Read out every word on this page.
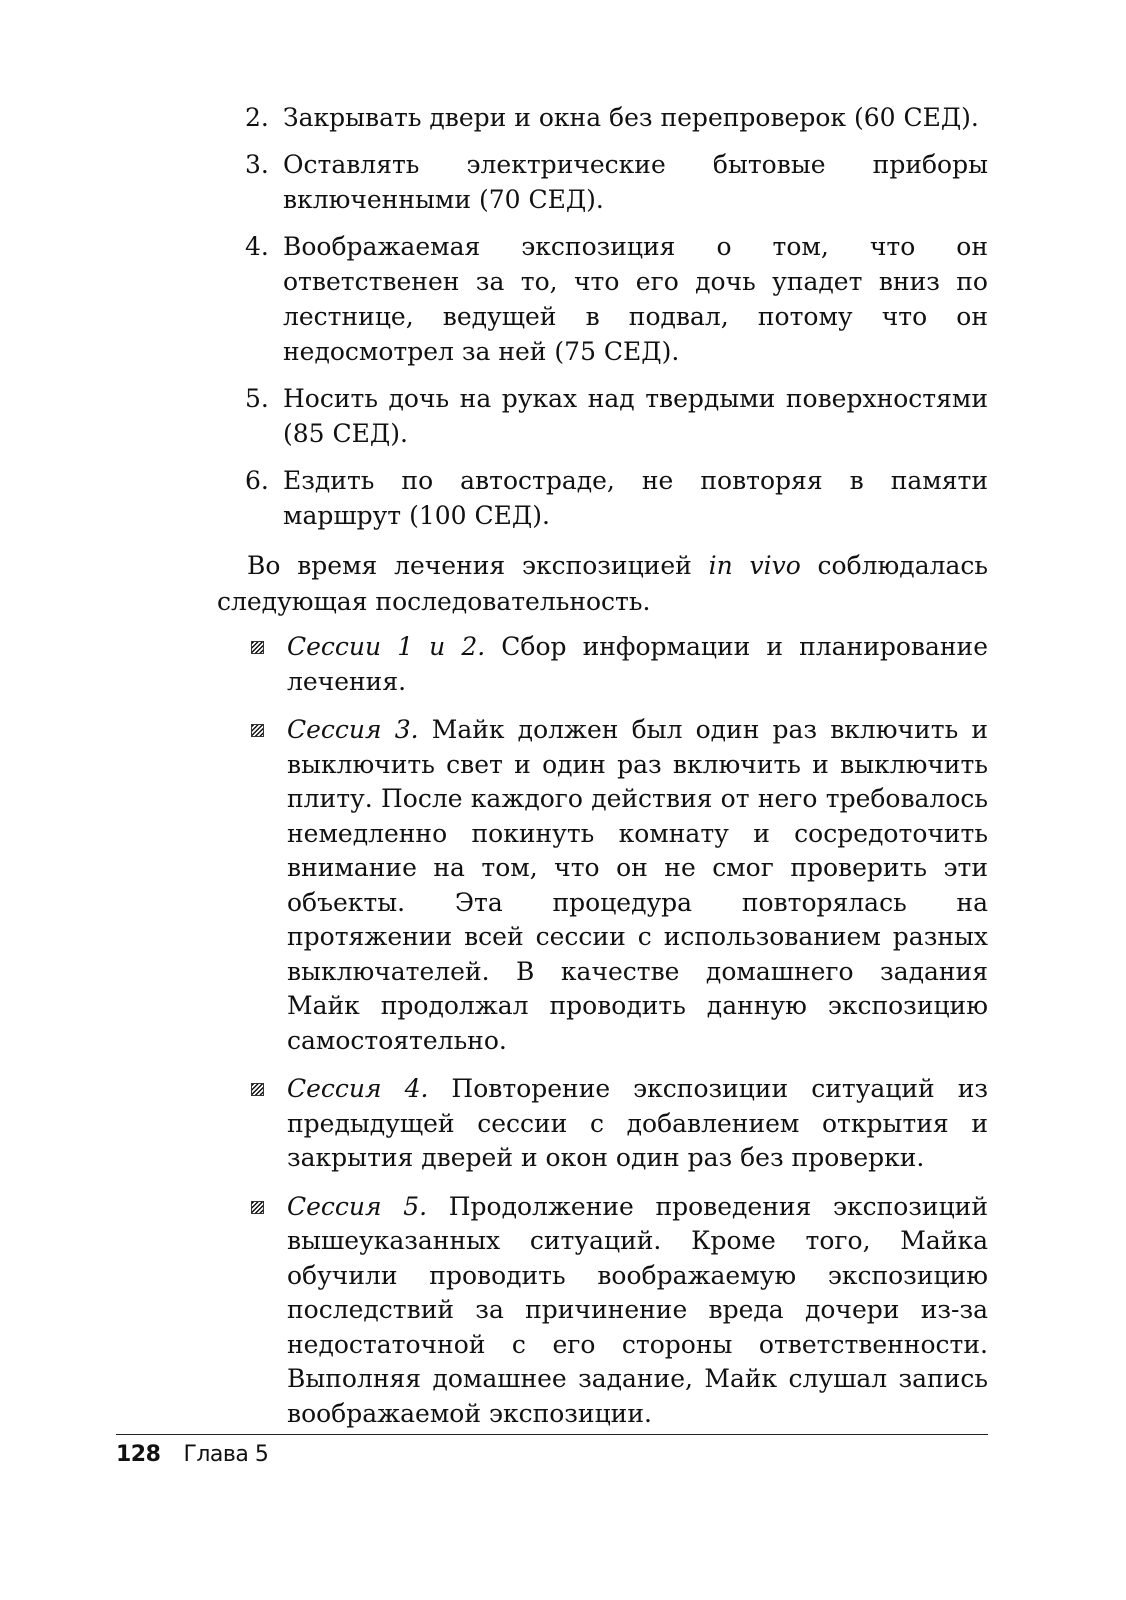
2. Закрывать двери и окна без перепроверок (60 СЕД).
3. Оставлять электрические бытовые приборы включенными (70 СЕД).
4. Воображаемая экспозиция о том, что он ответственен за то, что его дочь упадет вниз по лестнице, ведущей в подвал, потому что он недосмотрел за ней (75 СЕД).
5. Носить дочь на руках над твердыми поверхностями (85 СЕД).
6. Ездить по автостраде, не повторяя в памяти маршрут (100 СЕД).

Во время лечения экспозицией in vivo соблюдалась следующая последовательность.

Сессии 1 и 2. Сбор информации и планирование лечения.
Сессия 3. Майк должен был один раз включить и выключить свет и один раз включить и выключить плиту. После каждого действия от него требовалось немедленно покинуть комнату и сосредоточить внимание на том, что он не смог проверить эти объекты. Эта процедура повторялась на протяжении всей сессии с использованием разных выключателей. В качестве домашнего задания Майк продолжал проводить данную экспозицию самостоятельно.
Сессия 4. Повторение экспозиции ситуаций из предыдущей сессии с добавлением открытия и закрытия дверей и окон один раз без проверки.
Сессия 5. Продолжение проведения экспозиций вышеуказанных ситуаций. Кроме того, Майка обучили проводить воображаемую экспозицию последствий за причинение вреда дочери из-за недостаточной с его стороны ответственности. Выполняя домашнее задание, Майк слушал запись воображаемой экспозиции.
128 Глава 5
